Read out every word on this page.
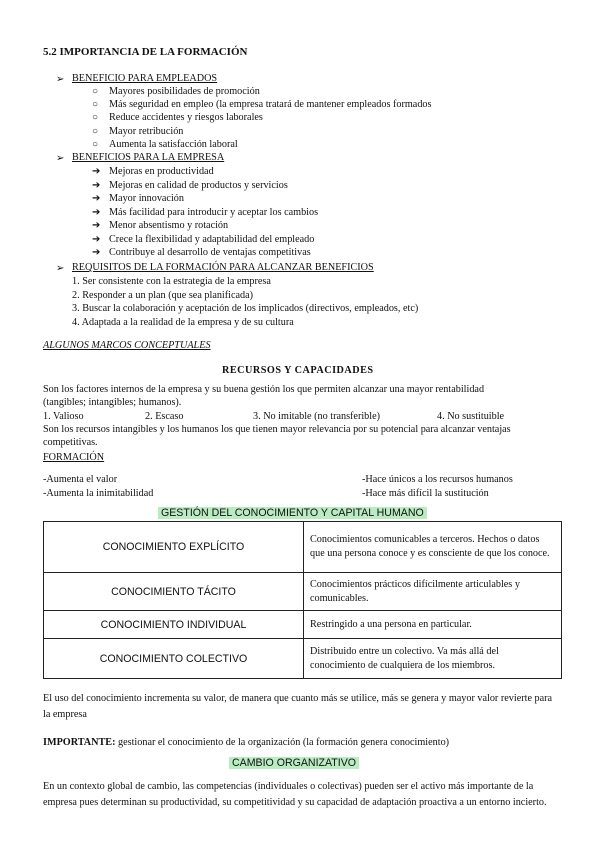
5.2 IMPORTANCIA DE LA FORMACIÓN
➢ BENEFICIO PARA EMPLEADOS
○ Mayores posibilidades de promoción
○ Más seguridad en empleo (la empresa tratará de mantener empleados formados
○ Reduce accidentes y riesgos laborales
○ Mayor retribución
○ Aumenta la satisfacción laboral
➢ BENEFICIOS PARA LA EMPRESA
➔ Mejoras en productividad
➔ Mejoras en calidad de productos y servicios
➔ Mayor innovación
➔ Más facilidad para introducir y aceptar los cambios
➔ Menor absentismo y rotación
➔ Crece la flexibilidad y adaptabilidad del empleado
➔ Contribuye al desarrollo de ventajas competitivas
➢ REQUISITOS DE LA FORMACIÓN PARA ALCANZAR BENEFICIOS
1. Ser consistente con la estrategia de la empresa
2. Responder a un plan (que sea planificada)
3. Buscar la colaboración y aceptación de los implicados (directivos, empleados, etc)
4. Adaptada a la realidad de la empresa y de su cultura
ALGUNOS MARCOS CONCEPTUALES
RECURSOS Y CAPACIDADES
Son los factores internos de la empresa y su buena gestión los que permiten alcanzar una mayor rentabilidad
(tangibles; intangibles; humanos).
1. Valioso	2. Escaso	3. No imitable (no transferible)	4. No sustituible
Son los recursos intangibles y los humanos los que tienen mayor relevancia por su potencial para alcanzar ventajas
competitivas.
FORMACIÓN
-Aumenta el valor
-Aumenta la inimitabilidad
-Hace únicos a los recursos humanos
-Hace más difícil la sustitución
GESTIÓN DEL CONOCIMIENTO Y CAPITAL HUMANO
CONOCIMIENTO EXPLÍCITO	Conocimientos comunicables a terceros. Hechos o datos que una persona conoce y es consciente de que los conoce.
CONOCIMIENTO TÁCITO	Conocimientos prácticos difícilmente articulables y comunicables.
CONOCIMIENTO INDIVIDUAL	Restringido a una persona en particular.
CONOCIMIENTO COLECTIVO	Distribuido entre un colectivo. Va más allá del conocimiento de cualquiera de los miembros.
El uso del conocimiento incrementa su valor, de manera que cuanto más se utilice, más se genera y mayor valor revierte para la empresa
IMPORTANTE: gestionar el conocimiento de la organización (la formación genera conocimiento)
CAMBIO ORGANIZATIVO
En un contexto global de cambio, las competencias (individuales o colectivas) pueden ser el activo más importante de la empresa pues determinan su productividad, su competitividad y su capacidad de adaptación proactiva a un entorno incierto.
